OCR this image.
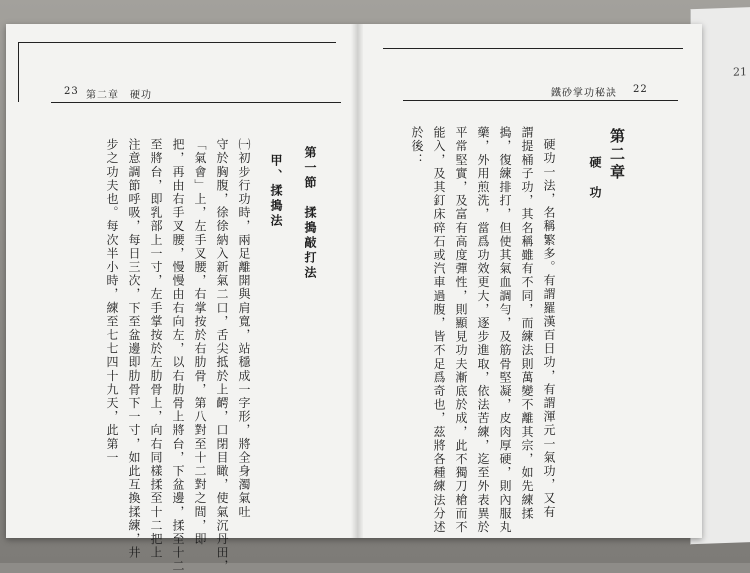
21
23 第二章　硬功
第一節　揉搗敲打法
甲、揉搗法
㈠初步行功時，兩足離開與肩寬，站穩成一字形，將全身濁氣吐
守於胸腹，徐徐納入新氣二口，舌尖抵於上齶，口閉目瞰，使氣沉丹田，
「氣會」上，左手叉腰，右掌按於右肋骨，第八對至十二對之間，即
把，再由右手叉腰，慢慢由右向左，以右肋骨上將台，下盆邊，揉至十二
至將台，即乳部上一寸，左手掌按於左肋骨上，向右同樣揉至十二把上
注意調節呼吸，每日三次，下至盆邊即肋骨下一寸，如此互換揉練，井
步之功夫也。每次半小時，練至七七四十九天，此第一
鐵砂掌功秘訣 22
第二章
硬　功
硬功一法，名稱繁多。有謂羅漢百日功，有謂渾元一氣功，又有
謂提桶子功，其名稱雖有不同，而練法則萬變不離其宗，如先練揉
搗，復練排打，但使其氣血調勻，及筋骨堅凝，皮肉厚硬，則內服丸
藥，外用煎洗，當爲功效更大，逐步進取，依法苦練，迄至外表異於
平常堅實，及富有高度彈性，則顯見功夫漸底於成，此不獨刀槍而不
能入，及其釘床碎石或汽車過腹，皆不足爲奇也，茲將各種練法分述
於後：
